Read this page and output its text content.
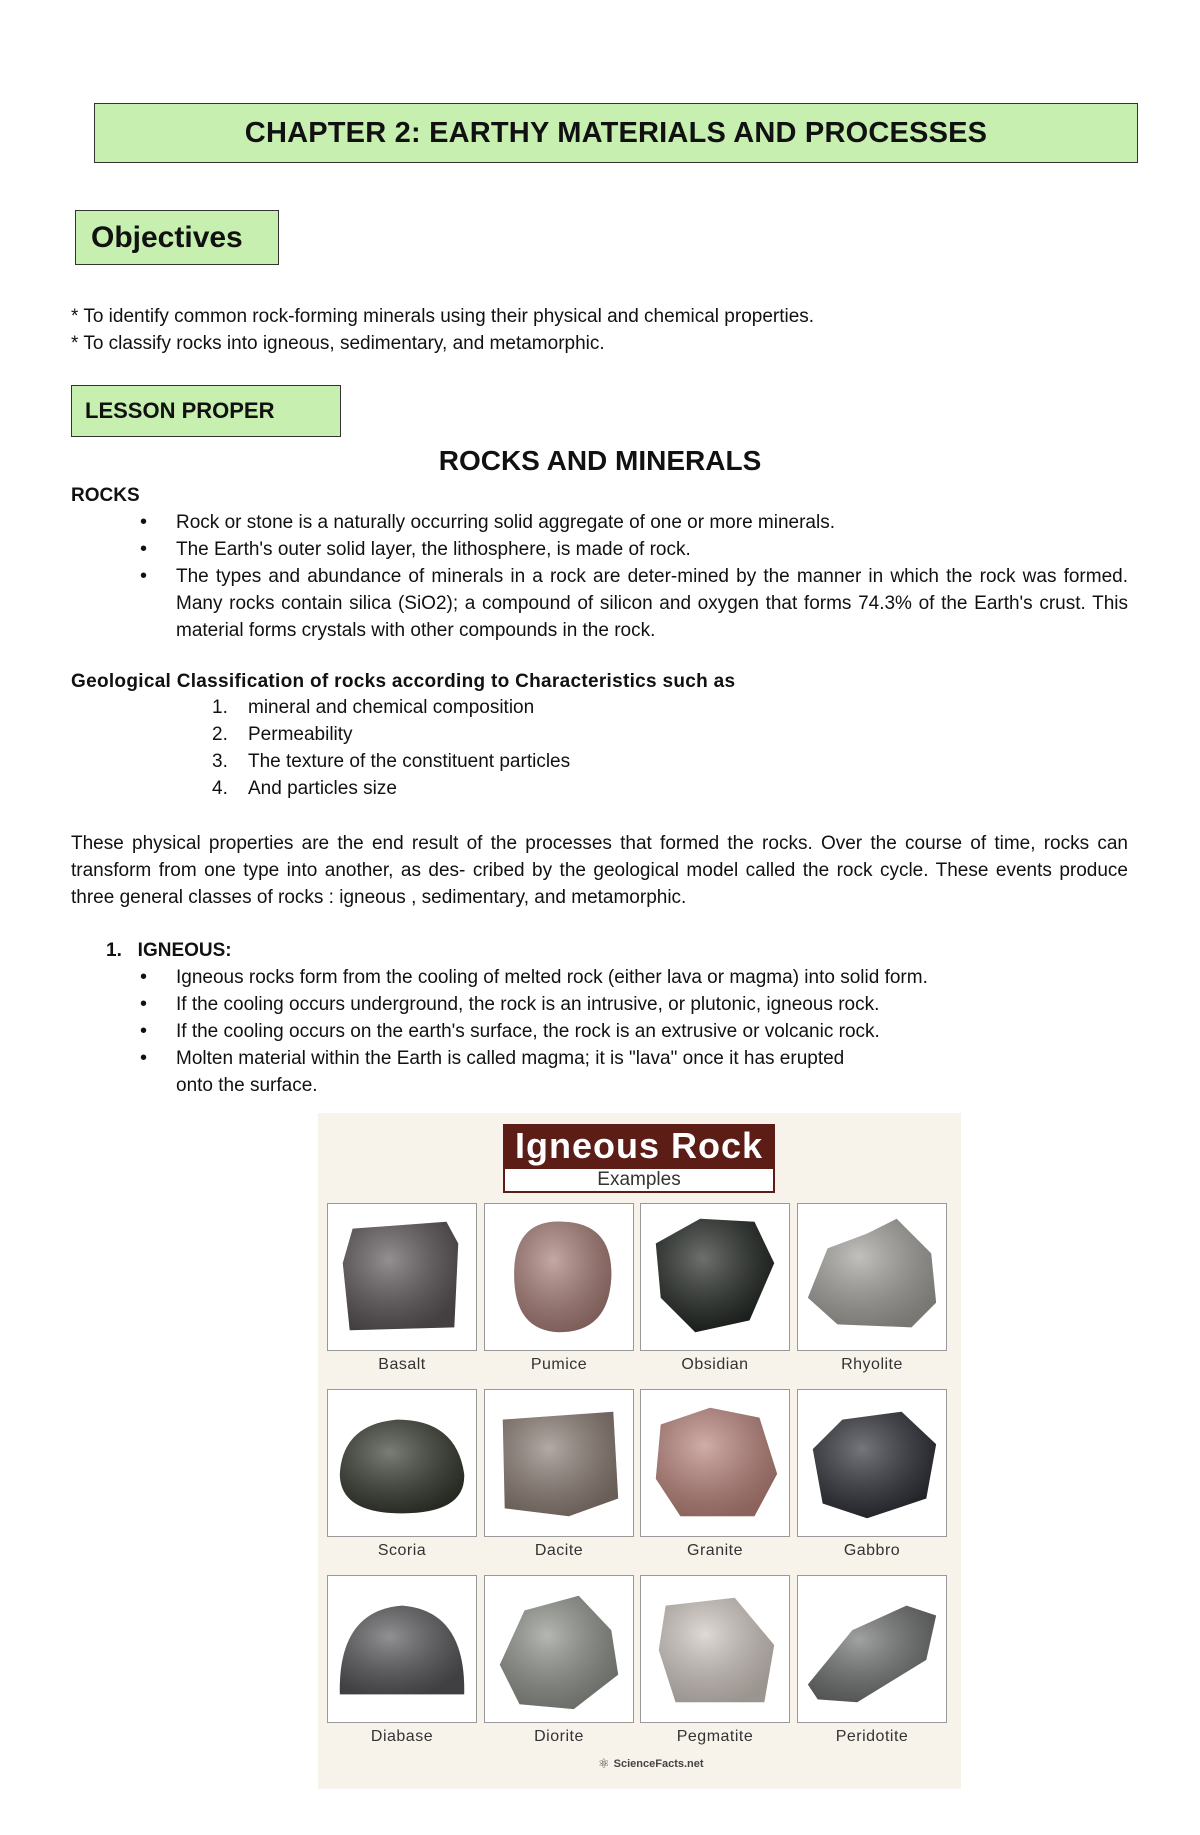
CHAPTER 2: EARTHY MATERIALS AND PROCESSES
Objectives
* To identify common rock-forming minerals using their physical and chemical properties.
* To classify rocks into igneous, sedimentary, and metamorphic.
LESSON PROPER
ROCKS AND MINERALS
ROCKS
• Rock or stone is a naturally occurring solid aggregate of one or more minerals.
• The Earth's outer solid layer, the lithosphere, is made of rock.
• The types and abundance of minerals in a rock are deter-mined by the manner in which the rock was formed. Many rocks contain silica (SiO2); a compound of silicon and oxygen that forms 74.3% of the Earth's crust. This material forms crystals with other compounds in the rock.
Geological Classification of rocks according to Characteristics such as
1.	mineral and chemical composition
2.	Permeability
3.	The texture of the constituent particles
4.	And particles size
These physical properties are the end result of the processes that formed the rocks. Over the course of time, rocks can transform from one type into another, as des- cribed by the geological model called the rock cycle. These events produce three general classes of rocks : igneous , sedimentary, and metamorphic.
1.   IGNEOUS:
• Igneous rocks form from the cooling of melted rock (either lava or magma) into solid form.
• If the cooling occurs underground, the rock is an intrusive, or plutonic, igneous rock.
• If the cooling occurs on the earth's surface, the rock is an extrusive or volcanic rock.
• Molten material within the Earth is called magma; it is "lava" once it has erupted onto the surface.
Igneous Rock
Examples
Basalt	Pumice	Obsidian	Rhyolite
Scoria	Dacite	Granite	Gabbro
Diabase	Diorite	Pegmatite	Peridotite
⚛ ScienceFacts.net
